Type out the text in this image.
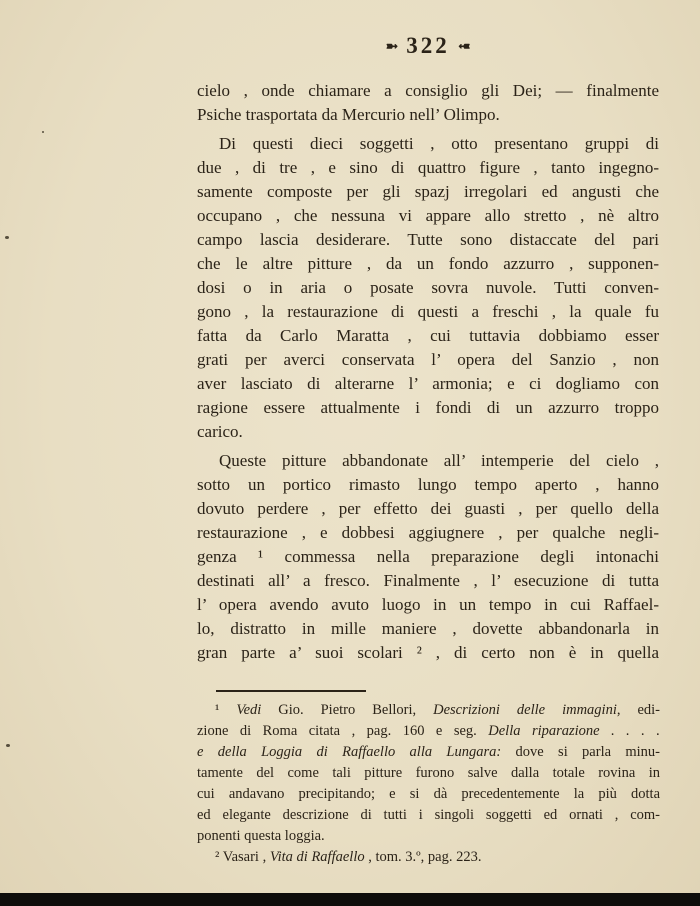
➼ 322 ➼
cielo , onde chiamare a consiglio gli Dei; — finalmente
Psiche trasportata da Mercurio nell’ Olimpo.
Di questi dieci soggetti , otto presentano gruppi di
due , di tre , e sino di quattro figure , tanto ingegno-
samente composte per gli spazj irregolari ed angusti che
occupano , che nessuna vi appare allo stretto , nè altro
campo lascia desiderare. Tutte sono distaccate del pari
che le altre pitture , da un fondo azzurro , supponen-
dosi o in aria o posate sovra nuvole. Tutti conven-
gono , la restaurazione di questi a freschi , la quale fu
fatta da Carlo Maratta , cui tuttavia dobbiamo esser
grati per averci conservata l’ opera del Sanzio , non
aver lasciato di alterarne l’ armonia; e ci dogliamo con
ragione essere attualmente i fondi di un azzurro troppo
carico.
Queste pitture abbandonate all’ intemperie del cielo ,
sotto un portico rimasto lungo tempo aperto , hanno
dovuto perdere , per effetto dei guasti , per quello della
restaurazione , e dobbesi aggiugnere , per qualche negli-
genza ¹ commessa nella preparazione degli intonachi
destinati all’ a fresco. Finalmente , l’ esecuzione di tutta
l’ opera avendo avuto luogo in un tempo in cui Raffael-
lo, distratto in mille maniere , dovette abbandonarla in
gran parte a’ suoi scolari ² , di certo non è in quella
¹ Vedi Gio. Pietro Bellori, Descrizioni delle immagini, edi-
zione di Roma citata , pag. 160 e seg. Della riparazione . . . .
e della Loggia di Raffaello alla Lungara: dove si parla minu-
tamente del come tali pitture furono salve dalla totale rovina in
cui andavano precipitando; e si dà precedentemente la più dotta
ed elegante descrizione di tutti i singoli soggetti ed ornati , com-
ponenti questa loggia.
² Vasari , Vita di Raffaello , tom. 3.º, pag. 223.
